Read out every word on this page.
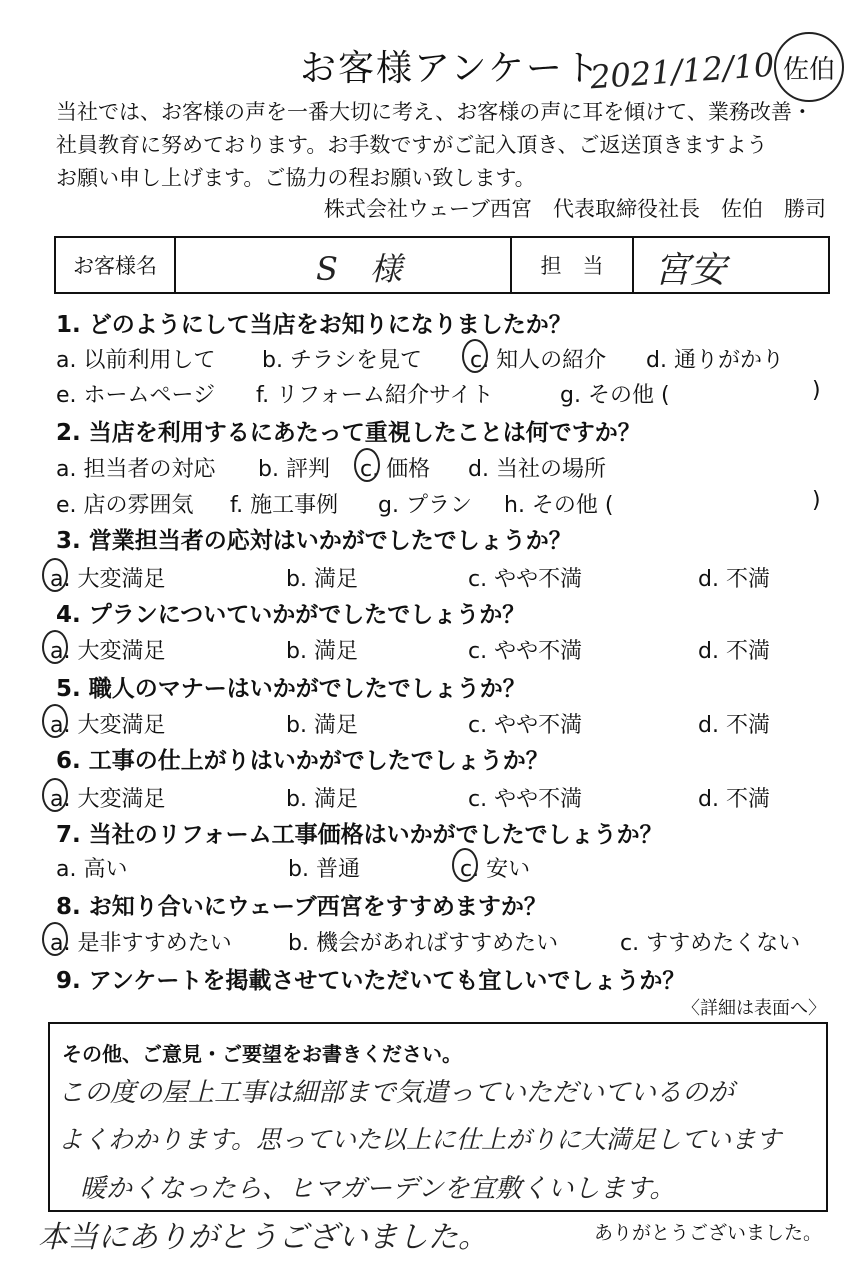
お客様アンケート
2021/12/10 佐伯
当社では、お客様の声を一番大切に考え、お客様の声に耳を傾けて、業務改善・
社員教育に努めております。お手数ですがご記入頂き、ご返送頂きますよう
お願い申し上げます。ご協力の程お願い致します。
株式会社ウェーブ西宮　代表取締役社長　佐伯　勝司
お客様名	S　様	担　当	宮安
1. どのようにして当店をお知りになりましたか？
a. 以前利用して b. チラシを見て c. 知人の紹介 d. 通りがかり
e. ホームページ f. リフォーム紹介サイト	g. その他 (	)
2. 当店を利用するにあたって重視したことは何ですか？
a. 担当者の対応 b. 評判 c. 価格 d. 当社の場所
e. 店の雰囲気 f. 施工事例 g. プラン h. その他 (	)
3. 営業担当者の応対はいかがでしたでしょうか？
a. 大変満足	b. 満足	c. やや不満	d. 不満
4. プランについていかがでしたでしょうか？
a. 大変満足	b. 満足	c. やや不満	d. 不満
5. 職人のマナーはいかがでしたでしょうか？
a. 大変満足	b. 満足	c. やや不満	d. 不満
6. 工事の仕上がりはいかがでしたでしょうか？
a. 大変満足	b. 満足	c. やや不満	d. 不満
7. 当社のリフォーム工事価格はいかがでしたでしょうか？
a. 高い	b. 普通	c. 安い
8. お知り合いにウェーブ西宮をすすめますか？
a. 是非すすめたい	b. 機会があればすすめたい	c. すすめたくない
9. アンケートを掲載させていただいても宜しいでしょうか？
〈詳細は表面へ〉
その他、ご意見・ご要望をお書きください。
この度の屋上工事は細部まで気遣っていただいているのが
よくわかります。思っていた以上に仕上がりに大満足しています
暖かくなったら、ヒマガーデンを宜敷くいします。
本当にありがとうございました。	ありがとうございました。
